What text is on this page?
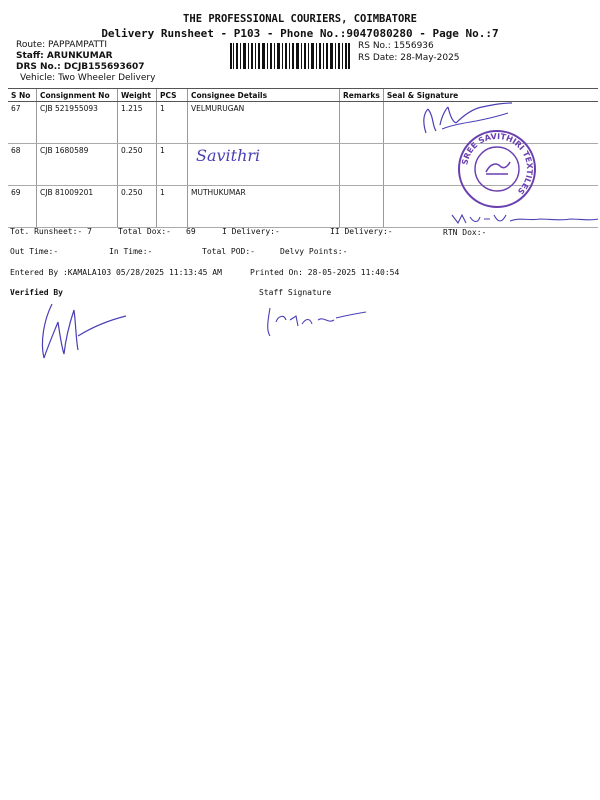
THE PROFESSIONAL COURIERS, COIMBATORE
Delivery Runsheet - P103 - Phone No.:9047080280 - Page No.:7
Route: PAPPAMPATTI
Staff: ARUNKUMAR
DRS No.: DCJB155693607
Vehicle: Two Wheeler Delivery
RS No.: 1556936
RS Date: 28-May-2025
S No	Consignment No	Weight	PCS	Consignee Details	Remarks	Seal & Signature
67	CJB 521955093	1.215	1	VELMURUGAN		
68	CJB 1680589	0.250	1			
69	CJB 81009201	0.250	1	MUTHUKUMAR		
Savithri	SREE SAVITHIRI TEXTILES
Tot. Runsheet:- 7	Total Dox:- 69	I Delivery:-	II Delivery:-	RTN Dox:-
Out Time:-	In Time:-	Total POD:-	Delvy Points:-
Entered By :KAMALA103 05/28/2025 11:13:45 AM	Printed On: 28-05-2025 11:40:54
Verified By	Staff Signature
